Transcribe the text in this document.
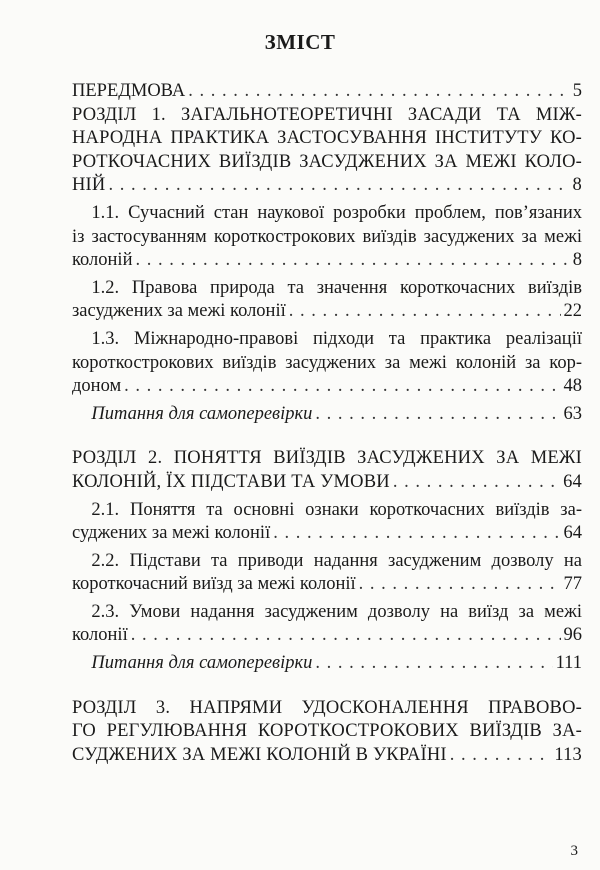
ЗМІСТ
ПЕРЕДМОВА . . .	5
РОЗДІЛ 1. ЗАГАЛЬНОТЕОРЕТИЧНІ ЗАСАДИ ТА МІЖ-
НАРОДНА ПРАКТИКА ЗАСТОСУВАННЯ ІНСТИТУТУ КО-
РОТКОЧАСНИХ ВИЇЗДІВ ЗАСУДЖЕНИХ ЗА МЕЖІ КОЛО-
НІЙ . . .	8
1.1. Сучасний стан наукової розробки проблем, пов’язаних
із застосуванням короткострокових виїздів засуджених за межі
колоній . . .	8
1.2. Правова природа та значення короткочасних виїздів
засуджених за межі колонії . . .	22
1.3. Міжнародно-правові підходи та практика реалізації
короткострокових виїздів засуджених за межі колоній за кор-
доном . . .	48
Питання для самоперевірки . . .	63
РОЗДІЛ 2. ПОНЯТТЯ ВИЇЗДІВ ЗАСУДЖЕНИХ ЗА МЕЖІ
КОЛОНІЙ, ЇХ ПІДСТАВИ ТА УМОВИ . . .	64
2.1. Поняття та основні ознаки короткочасних виїздів за-
суджених за межі колонії . . .	64
2.2. Підстави та приводи надання засудженим дозволу на
короткочасний виїзд за межі колонії . . .	77
2.3. Умови надання засудженим дозволу на виїзд за межі
колонії . . .	96
Питання для самоперевірки . . .	111
РОЗДІЛ 3. НАПРЯМИ УДОСКОНАЛЕННЯ ПРАВОВО-
ГО РЕГУЛЮВАННЯ КОРОТКОСТРОКОВИХ ВИЇЗДІВ ЗА-
СУДЖЕНИХ ЗА МЕЖІ КОЛОНІЙ В УКРАЇНІ . . .	113
3
